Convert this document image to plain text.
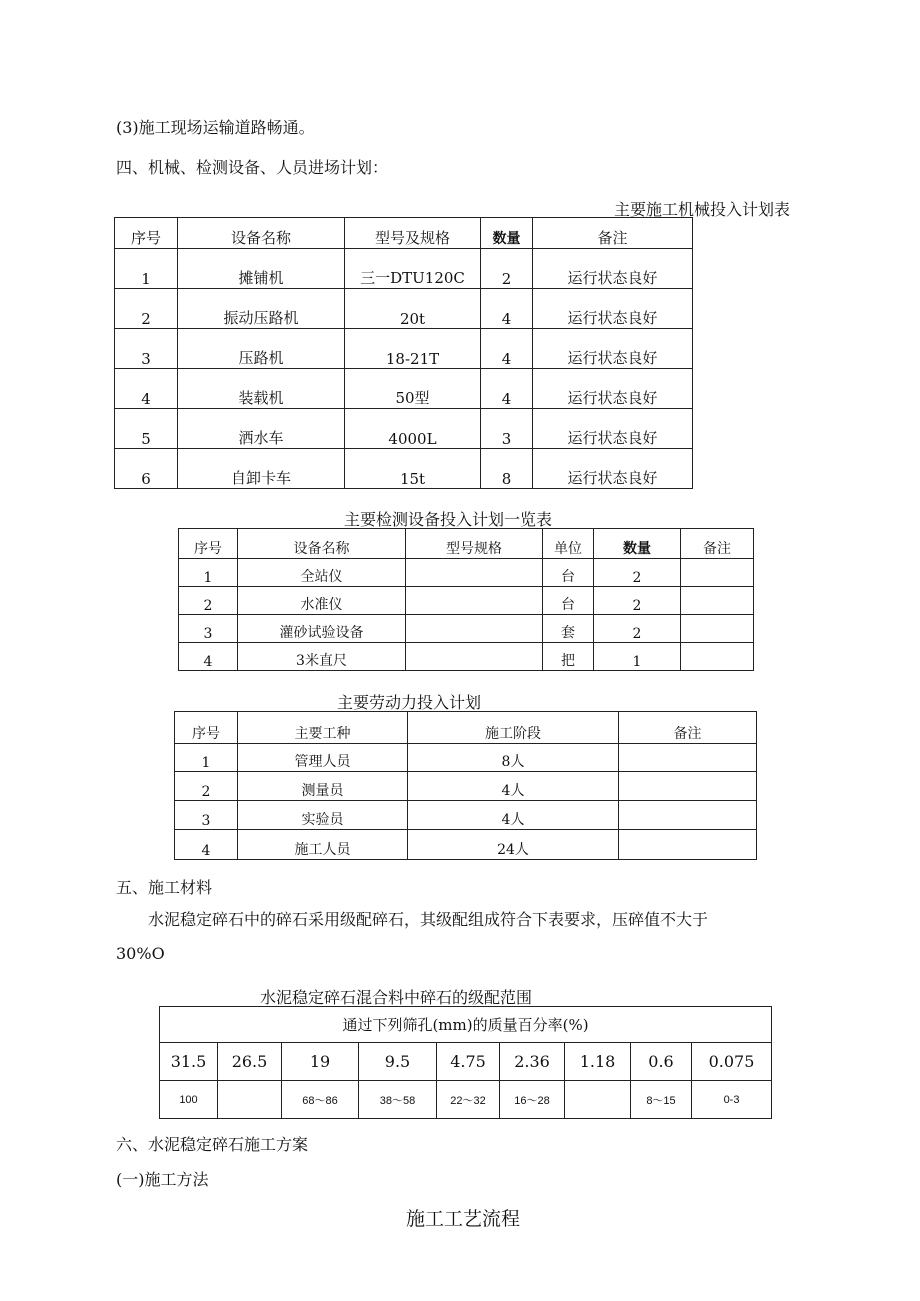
(3)施工现场运输道路畅通。
四、机械、检测设备、人员进场计划：
主要施工机械投入计划表
序号	设备名称	型号及规格	数量	备注
1	摊铺机	三一DTU120C	2	运行状态良好
2	振动压路机	20t	4	运行状态良好
3	压路机	18-21T	4	运行状态良好
4	装载机	50型	4	运行状态良好
5	洒水车	4000L	3	运行状态良好
6	自卸卡车	15t	8	运行状态良好
主要检测设备投入计划一览表
序号	设备名称	型号规格	单位	数量	备注
1	全站仪		台	2	
2	水准仪		台	2	
3	灌砂试验设备		套	2	
4	3米直尺		把	1	
主要劳动力投入计划
序号	主要工种	施工阶段	备注
1	管理人员	8人	
2	测量员	4人	
3	实验员	4人	
4	施工人员	24人	
五、施工材料
水泥稳定碎石中的碎石采用级配碎石，其级配组成符合下表要求，压碎值不大于
30%O
水泥稳定碎石混合料中碎石的级配范围
通过下列筛孔(mm)的质量百分率(%)								
31.5	26.5	19	9.5	4.75	2.36	1.18	0.6	0.075
100		68～86	38～58	22～32	16～28		8～15	0-3
六、水泥稳定碎石施工方案
(一)施工方法
施工工艺流程
